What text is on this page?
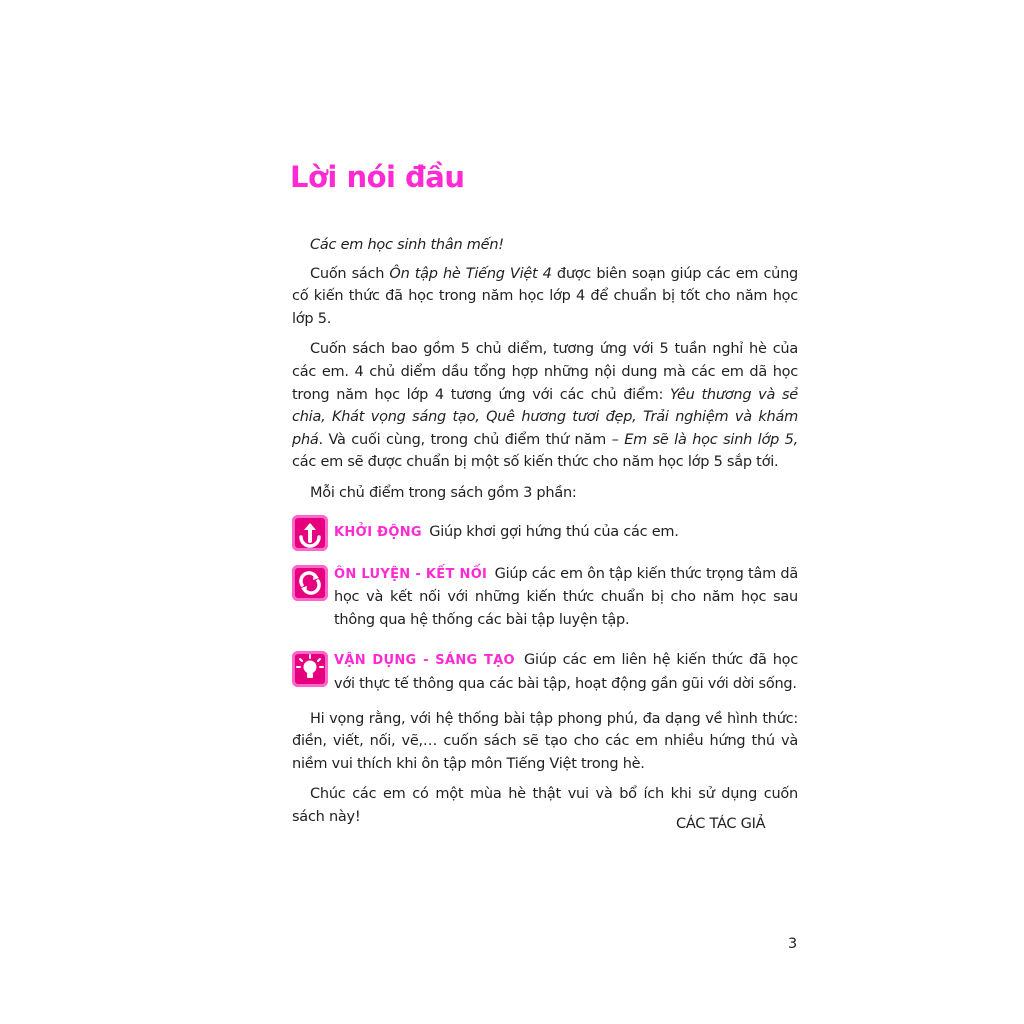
Lời nói đầu

Các em học sinh thân mến!

Cuốn sách Ôn tập hè Tiếng Việt 4 được biên soạn giúp các em củng cố kiến thức đã học trong năm học lớp 4 để chuẩn bị tốt cho năm học lớp 5.

Cuốn sách bao gồm 5 chủ diểm, tương ứng với 5 tuần nghỉ hè của các em. 4 chủ diểm dầu tổng hợp những nội dung mà các em dã học trong năm học lớp 4 tương ứng với các chủ điểm: Yêu thương và sẻ chia, Khát vọng sáng tạo, Quê hương tươi đẹp, Trải nghiệm và khám phá. Và cuối cùng, trong chủ điểm thứ năm – Em sẽ là học sinh lớp 5, các em sẽ được chuẩn bị một số kiến thức cho năm học lớp 5 sắp tới.

Mỗi chủ điểm trong sách gồm 3 phần:

KHỞI ĐỘNG Giúp khơi gợi hứng thú của các em.
ÔN LUYỆN - KẾT NỐI Giúp các em ôn tập kiến thức trọng tâm dã học và kết nối với những kiến thức chuẩn bị cho năm học sau thông qua hệ thống các bài tập luyện tập.
VẬN DỤNG - SÁNG TẠO Giúp các em liên hệ kiến thức đã học với thực tế thông qua các bài tập, hoạt động gần gũi với dời sống.

Hi vọng rằng, với hệ thống bài tập phong phú, đa dạng về hình thức: điền, viết, nối, vẽ,… cuốn sách sẽ tạo cho các em nhiều hứng thú và niềm vui thích khi ôn tập môn Tiếng Việt trong hè.

Chúc các em có một mùa hè thật vui và bổ ích khi sử dụng cuốn sách này!	CÁC TÁC GIẢ
3
